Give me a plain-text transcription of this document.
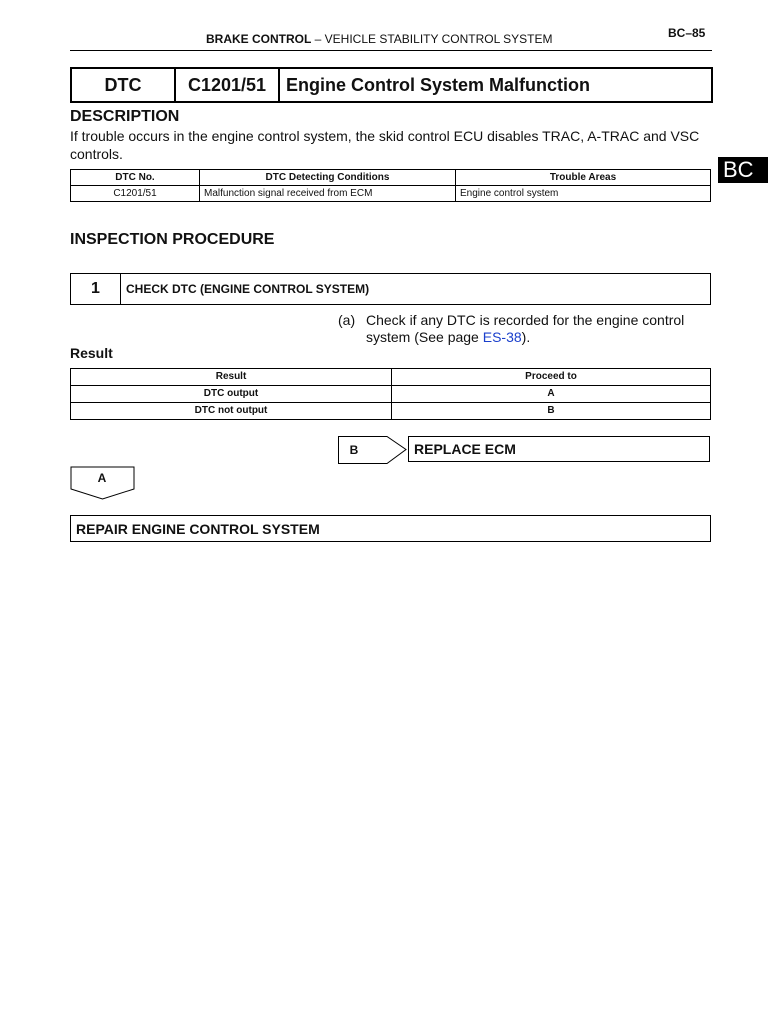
BRAKE CONTROL – VEHICLE STABILITY CONTROL SYSTEM	BC–85
DTC	C1201/51	Engine Control System Malfunction
DESCRIPTION
If trouble occurs in the engine control system, the skid control ECU disables TRAC, A-TRAC and VSC controls.
DTC No.	DTC Detecting Conditions	Trouble Areas
C1201/51	Malfunction signal received from ECM	Engine control system
INSPECTION PROCEDURE
1	CHECK DTC (ENGINE CONTROL SYSTEM)
(a) Check if any DTC is recorded for the engine control system (See page ES-38).
Result
Result	Proceed to
DTC output	A
DTC not output	B
B	REPLACE ECM
A
REPAIR ENGINE CONTROL SYSTEM
BC
